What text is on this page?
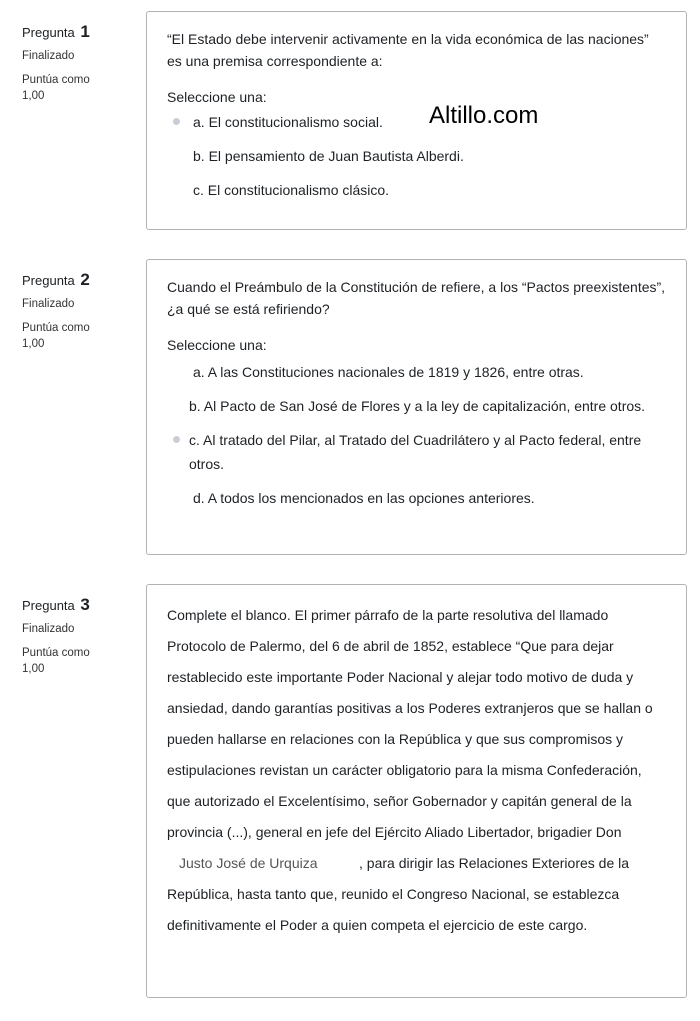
Pregunta 1
Finalizado
Puntúa como
1,00

“El Estado debe intervenir activamente en la vida económica de las naciones” es una premisa correspondiente a:

Seleccione una:
a. El constitucionalismo social.
b. El pensamiento de Juan Bautista Alberdi.
c. El constitucionalismo clásico.
Altillo.com
Pregunta 2
Finalizado
Puntúa como
1,00

Cuando el Preámbulo de la Constitución de refiere, a los “Pactos preexistentes”, ¿a qué se está refiriendo?

Seleccione una:
a. A las Constituciones nacionales de 1819 y 1826, entre otras.
b. Al Pacto de San José de Flores y a la ley de capitalización, entre otros.
c. Al tratado del Pilar, al Tratado del Cuadrilátero y al Pacto federal, entre otros.
d. A todos los mencionados en las opciones anteriores.
Pregunta 3
Finalizado
Puntúa como
1,00
Complete el blanco. El primer párrafo de la parte resolutiva del llamado Protocolo de Palermo, del 6 de abril de 1852, establece “Que para dejar restablecido este importante Poder Nacional y alejar todo motivo de duda y ansiedad, dando garantías positivas a los Poderes extranjeros que se hallan o pueden hallarse en relaciones con la República y que sus compromisos y estipulaciones revistan un carácter obligatorio para la misma Confederación, que autorizado el Excelentísimo, señor Gobernador y capitán general de la provincia (...), general en jefe del Ejército Aliado Libertador, brigadier Don Justo José de Urquiza	, para dirigir las Relaciones Exteriores de la República, hasta tanto que, reunido el Congreso Nacional, se establezca definitivamente el Poder a quien competa el ejercicio de este cargo.
